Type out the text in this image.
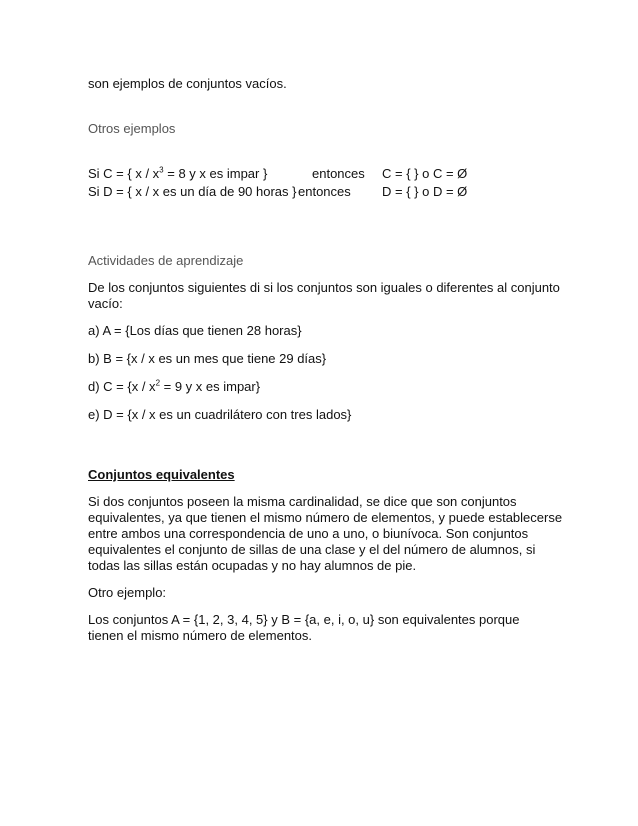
son ejemplos de conjuntos vacíos.
Otros ejemplos
Si C = { $x / x^3 = 8$ y x es impar }	entonces C = { } o C = Ø
Si D = { x / x es un día de 90 horas } entonces D = { } o D = Ø
Actividades de aprendizaje
De los conjuntos siguientes di si los conjuntos son iguales o diferentes al conjunto
vacío:
a) A = {Los días que tienen 28 horas}
b) B = {x / x es un mes que tiene 29 días}
d) $C = \{x / x^2 = 9$ y x es impar}
e) D = {x / x es un cuadrilátero con tres lados}
Conjuntos equivalentes
Si dos conjuntos poseen la misma cardinalidad, se dice que son conjuntos
equivalentes, ya que tienen el mismo número de elementos, y puede establecerse
entre ambos una correspondencia de uno a uno, o biunívoca. Son conjuntos
equivalentes el conjunto de sillas de una clase y el del número de alumnos, si
todas las sillas están ocupadas y no hay alumnos de pie.
Otro ejemplo:
Los conjuntos A = {1, 2, 3, 4, 5} y B = {a, e, i, o, u} son equivalentes porque
tienen el mismo número de elementos.
